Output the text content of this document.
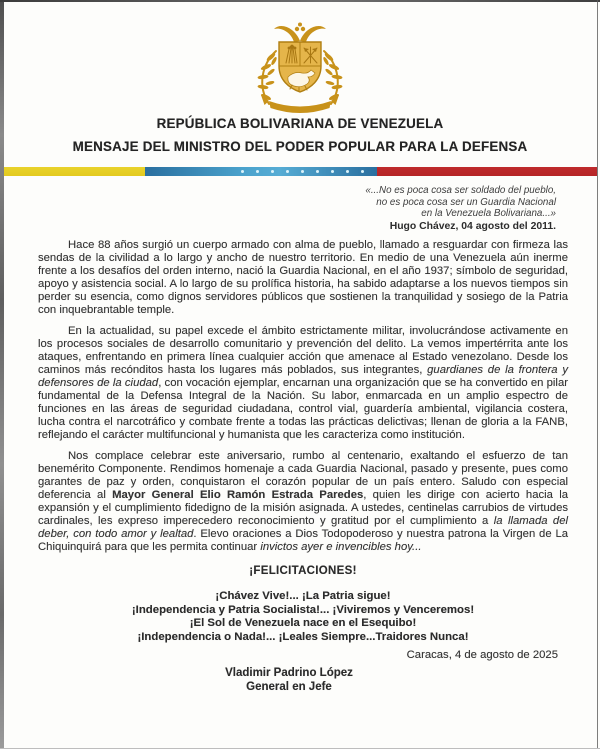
REPÚBLICA BOLIVARIANA DE VENEZUELA
MENSAJE DEL MINISTRO DEL PODER POPULAR PARA LA DEFENSA
«...No es poca cosa ser soldado del pueblo,
no es poca cosa ser un Guardia Nacional
en la Venezuela Bolivariana...»
Hugo Chávez, 04 agosto del 2011.

Hace 88 años surgió un cuerpo armado con alma de pueblo, llamado a resguardar con firmeza las sendas de la civilidad a lo largo y ancho de nuestro territorio. En medio de una Venezuela aún inerme frente a los desafíos del orden interno, nació la Guardia Nacional, en el año 1937; símbolo de seguridad, apoyo y asistencia social. A lo largo de su prolífica historia, ha sabido adaptarse a los nuevos tiempos sin perder su esencia, como dignos servidores públicos que sostienen la tranquilidad y sosiego de la Patria con inquebrantable temple.

En la actualidad, su papel excede el ámbito estrictamente militar, involucrándose activamente en los procesos sociales de desarrollo comunitario y prevención del delito. La vemos impertérrita ante los ataques, enfrentando en primera línea cualquier acción que amenace al Estado venezolano. Desde los caminos más recónditos hasta los lugares más poblados, sus integrantes, guardianes de la frontera y defensores de la ciudad, con vocación ejemplar, encarnan una organización que se ha convertido en pilar fundamental de la Defensa Integral de la Nación. Su labor, enmarcada en un amplio espectro de funciones en las áreas de seguridad ciudadana, control vial, guardería ambiental, vigilancia costera, lucha contra el narcotráfico y combate frente a todas las prácticas delictivas; llenan de gloria a la FANB, reflejando el carácter multifuncional y humanista que les caracteriza como institución.

Nos complace celebrar este aniversario, rumbo al centenario, exaltando el esfuerzo de tan benemérito Componente. Rendimos homenaje a cada Guardia Nacional, pasado y presente, pues como garantes de paz y orden, conquistaron el corazón popular de un país entero. Saludo con especial deferencia al Mayor General Elio Ramón Estrada Paredes, quien les dirige con acierto hacia la expansión y el cumplimiento fidedigno de la misión asignada. A ustedes, centinelas carrubios de virtudes cardinales, les expreso imperecedero reconocimiento y gratitud por el cumplimiento a la llamada del deber, con todo amor y lealtad. Elevo oraciones a Dios Todopoderoso y nuestra patrona la Virgen de La Chiquinquirá para que les permita continuar invictos ayer e invencibles hoy...

¡FELICITACIONES!
¡Chávez Vive!... ¡La Patria sigue!
¡Independencia y Patria Socialista!... ¡Viviremos y Venceremos!
¡El Sol de Venezuela nace en el Esequibo!
¡Independencia o Nada!... ¡Leales Siempre...Traidores Nunca!
Caracas, 4 de agosto de 2025
Vladimir Padrino López
General en Jefe
